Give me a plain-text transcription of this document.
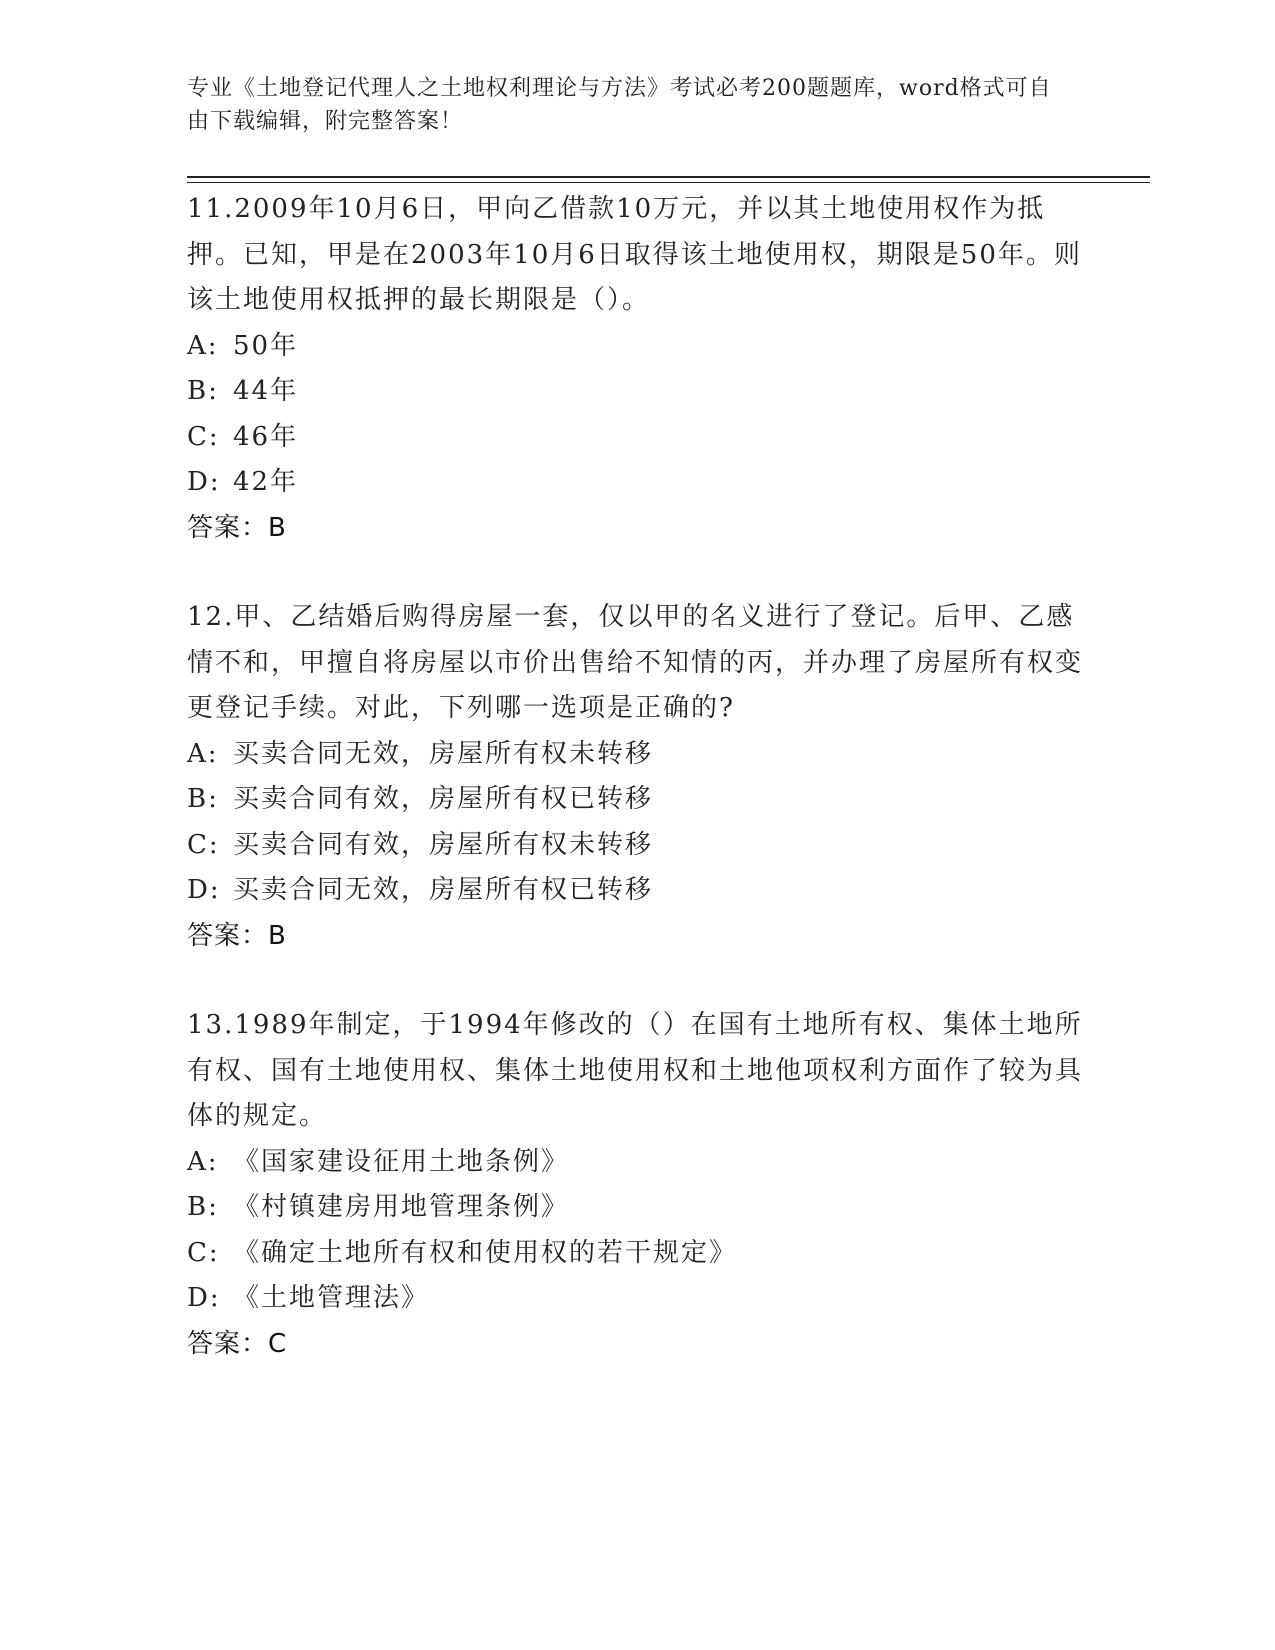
专业《土地登记代理人之土地权利理论与方法》考试必考200题题库，word格式可自由下载编辑，附完整答案！

11.2009年10月6日，甲向乙借款10万元，并以其土地使用权作为抵押。已知，甲是在2003年10月6日取得该土地使用权，期限是50年。则该土地使用权抵押的最长期限是（）。

A: 50年
B: 44年
C: 46年
D: 42年
答案：B

12.甲、乙结婚后购得房屋一套，仅以甲的名义进行了登记。后甲、乙感情不和，甲擅自将房屋以市价出售给不知情的丙，并办理了房屋所有权变更登记手续。对此，下列哪一选项是正确的?

A: 买卖合同无效，房屋所有权未转移
B: 买卖合同有效，房屋所有权已转移
C: 买卖合同有效，房屋所有权未转移
D: 买卖合同无效，房屋所有权已转移
答案：B

13.1989年制定，于1994年修改的（）在国有土地所有权、集体土地所有权、国有土地使用权、集体土地使用权和土地他项权利方面作了较为具体的规定。

A: 《国家建设征用土地条例》
B: 《村镇建房用地管理条例》
C: 《确定土地所有权和使用权的若干规定》
D: 《土地管理法》
答案：C
